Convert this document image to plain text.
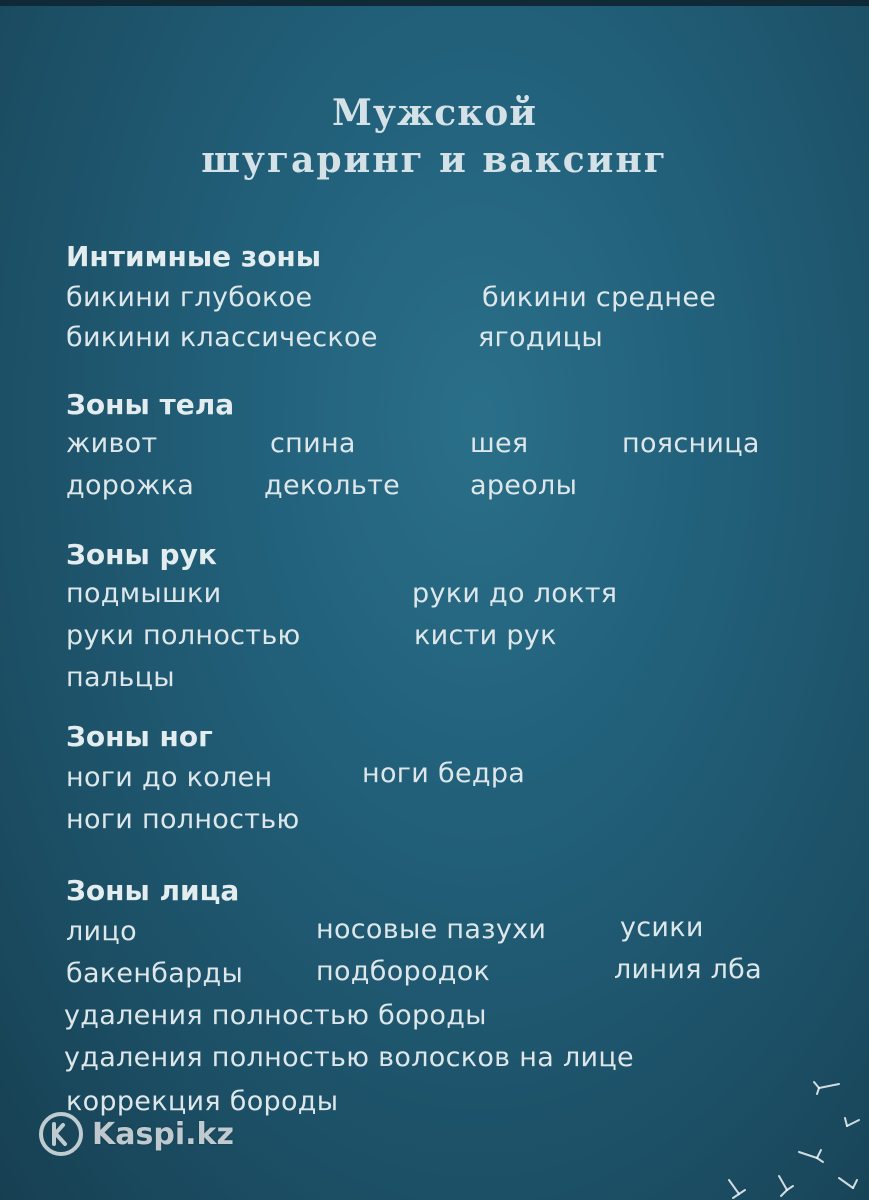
Мужской
шугаринг и ваксинг
Интимные зоны
бикини глубокое	бикини среднее
бикини классическое	ягодицы
Зоны тела
живот	спина	шея	поясница
дорожка	декольте	ареолы
Зоны рук
подмышки	руки до локтя
руки полностью	кисти рук
пальцы
Зоны ног
ноги до колен	ноги бедра
ноги полностью
Зоны лица
лицо	носовые пазухи	усики
бакенбарды	подбородок	линия лба
удаления полностью бороды
удаления полностью волосков на лице
коррекция бороды
Kaspi.kz
